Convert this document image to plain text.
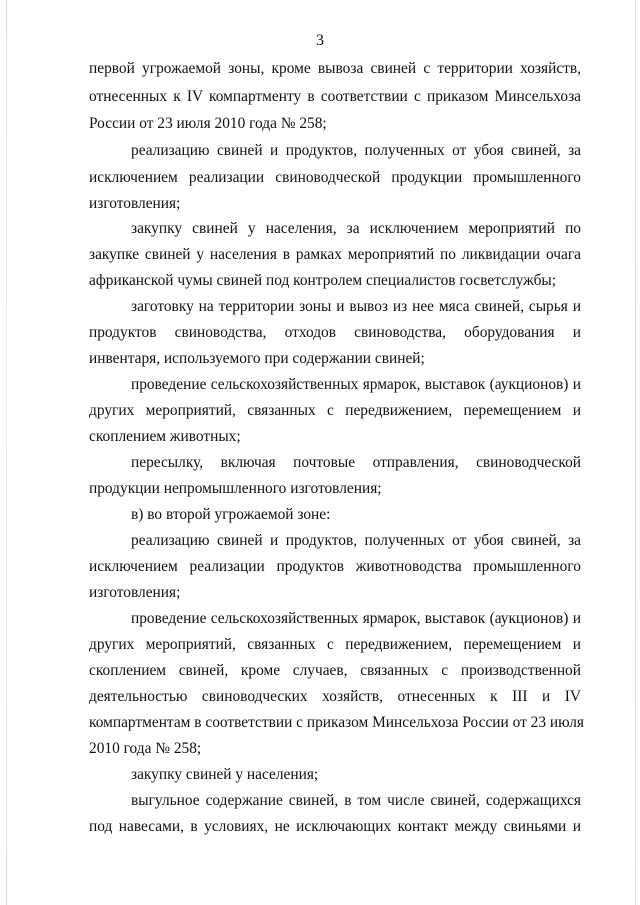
3
первой угрожаемой зоны, кроме вывоза свиней с территории хозяйств,
отнесенных к IV компартменту в соответствии с приказом Минсельхоза
России от 23 июля 2010 года № 258;
реализацию свиней и продуктов, полученных от убоя свиней, за
исключением реализации свиноводческой продукции промышленного
изготовления;
закупку свиней у населения, за исключением мероприятий по
закупке свиней у населения в рамках мероприятий по ликвидации очага
африканской чумы свиней под контролем специалистов госветслужбы;
заготовку на территории зоны и вывоз из нее мяса свиней, сырья и
продуктов свиноводства, отходов свиноводства, оборудования и
инвентаря, используемого при содержании свиней;
проведение сельскохозяйственных ярмарок, выставок (аукционов) и
других мероприятий, связанных с передвижением, перемещением и
скоплением животных;
пересылку, включая почтовые отправления, свиноводческой
продукции непромышленного изготовления;
в) во второй угрожаемой зоне:
реализацию свиней и продуктов, полученных от убоя свиней, за
исключением реализации продуктов животноводства промышленного
изготовления;
проведение сельскохозяйственных ярмарок, выставок (аукционов) и
других мероприятий, связанных с передвижением, перемещением и
скоплением свиней, кроме случаев, связанных с производственной
деятельностью свиноводческих хозяйств, отнесенных к III и IV
компартментам в соответствии с приказом Минсельхоза России от 23 июля
2010 года № 258;
закупку свиней у населения;
выгульное содержание свиней, в том числе свиней, содержащихся
под навесами, в условиях, не исключающих контакт между свиньями и
